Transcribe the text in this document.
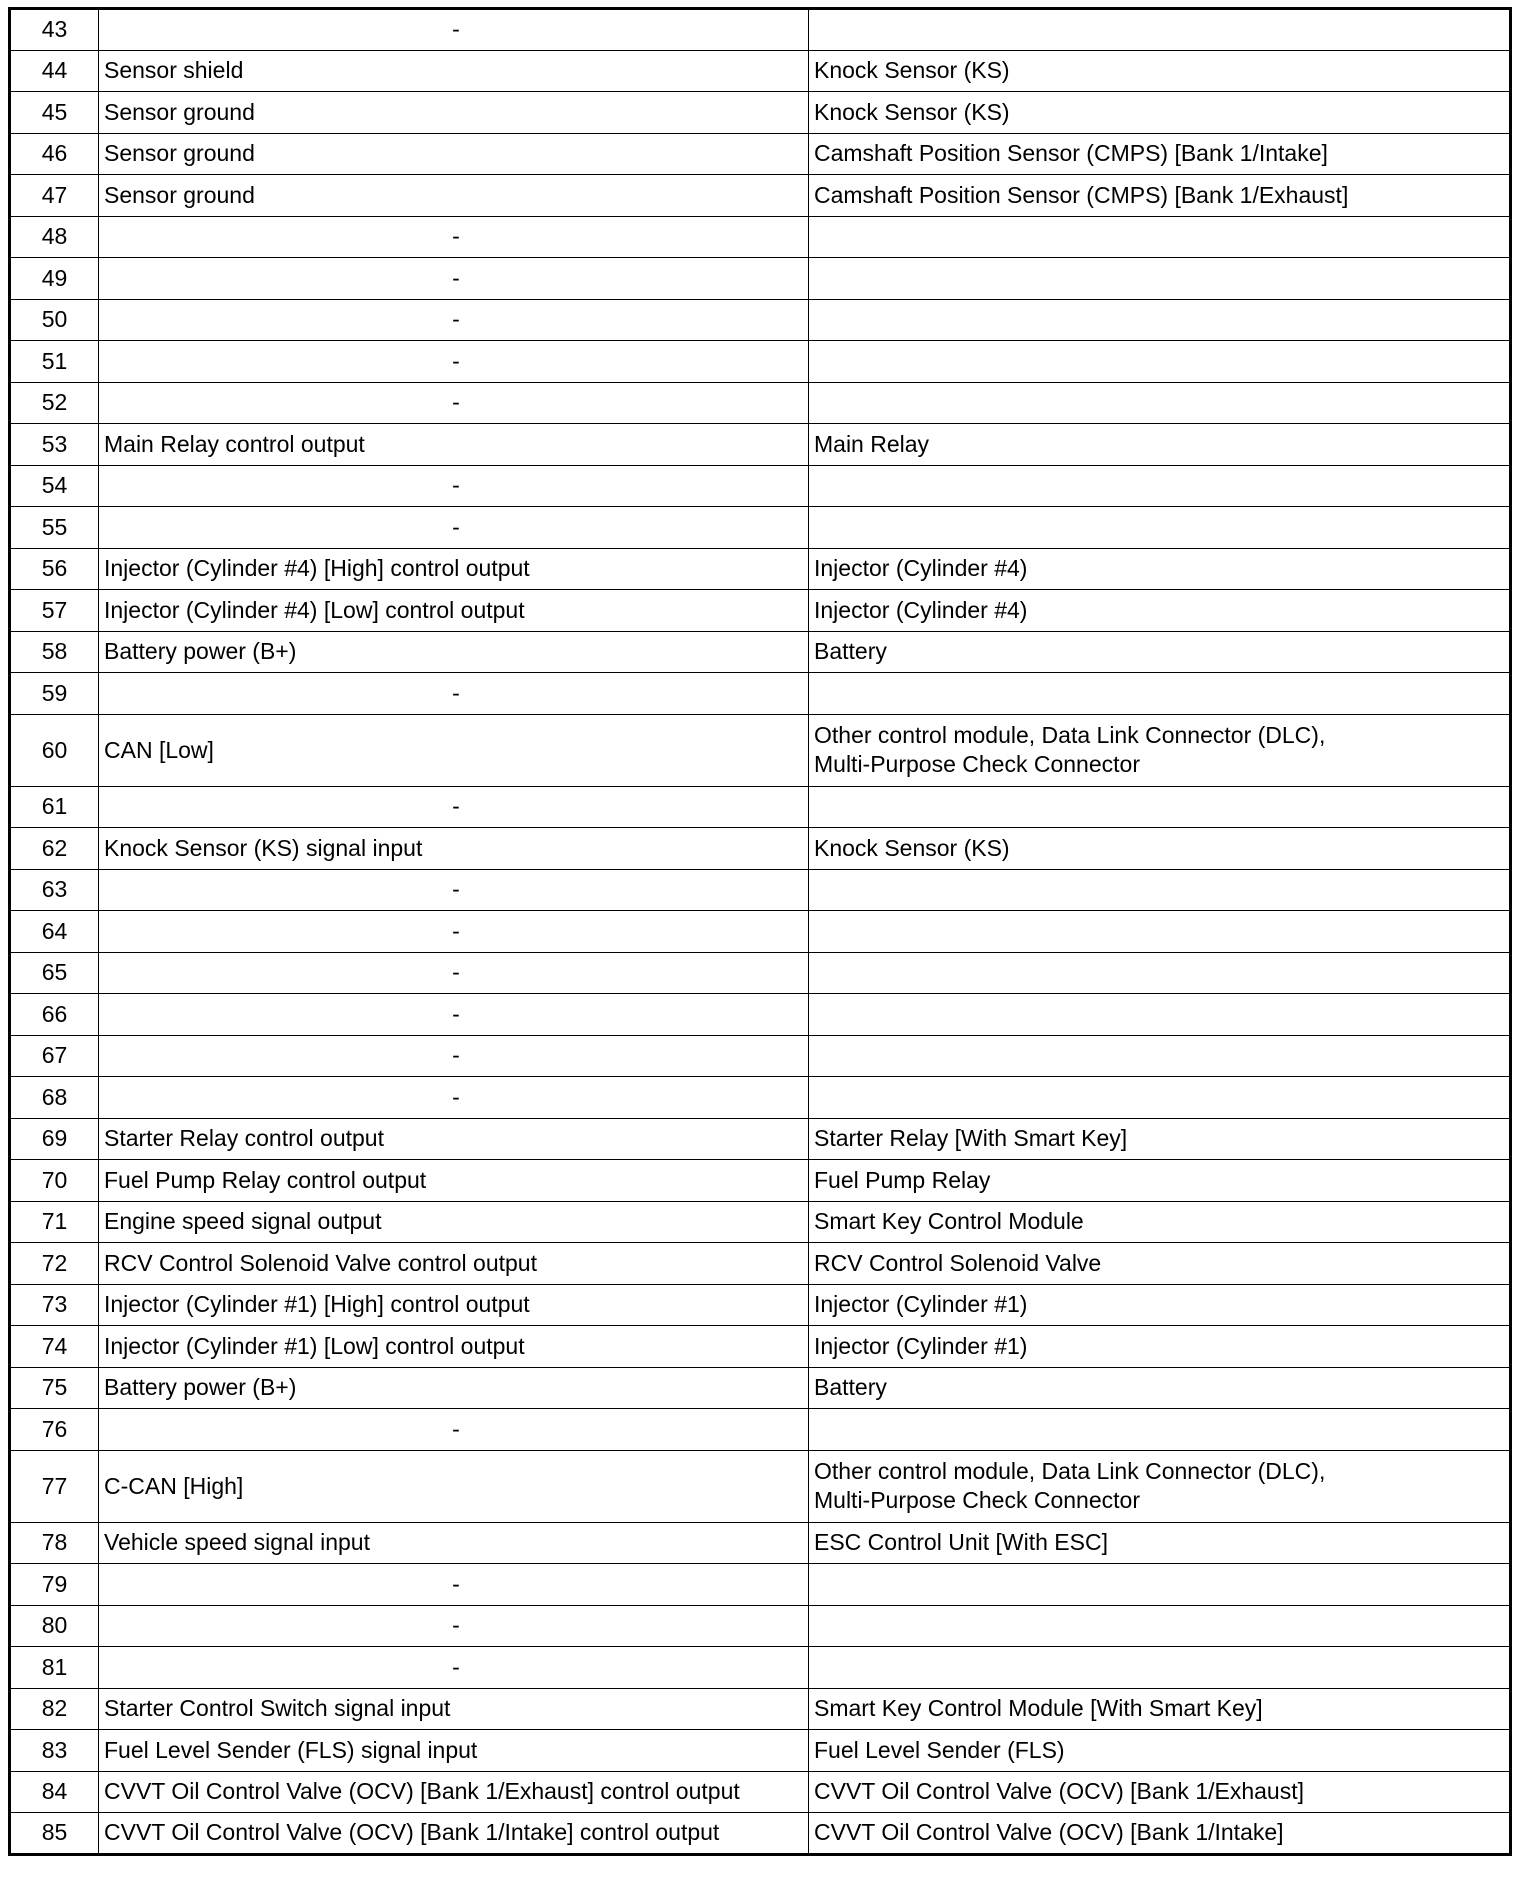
43	-	
44	Sensor shield	Knock Sensor (KS)
45	Sensor ground	Knock Sensor (KS)
46	Sensor ground	Camshaft Position Sensor (CMPS) [Bank 1/Intake]
47	Sensor ground	Camshaft Position Sensor (CMPS) [Bank 1/Exhaust]
48	-	
49	-	
50	-	
51	-	
52	-	
53	Main Relay control output	Main Relay
54	-	
55	-	
56	Injector (Cylinder #4) [High] control output	Injector (Cylinder #4)
57	Injector (Cylinder #4) [Low] control output	Injector (Cylinder #4)
58	Battery power (B+)	Battery
59	-	
60	CAN [Low]	Other control module, Data Link Connector (DLC),
Multi-Purpose Check Connector

61	-	
62	Knock Sensor (KS) signal input	Knock Sensor (KS)
63	-	
64	-	
65	-	
66	-	
67	-	
68	-	
69	Starter Relay control output	Starter Relay [With Smart Key]
70	Fuel Pump Relay control output	Fuel Pump Relay
71	Engine speed signal output	Smart Key Control Module
72	RCV Control Solenoid Valve control output	RCV Control Solenoid Valve
73	Injector (Cylinder #1) [High] control output	Injector (Cylinder #1)
74	Injector (Cylinder #1) [Low] control output	Injector (Cylinder #1)
75	Battery power (B+)	Battery
76	-	
77	C-CAN [High]	Other control module, Data Link Connector (DLC),
Multi-Purpose Check Connector

78	Vehicle speed signal input	ESC Control Unit [With ESC]
79	-	
80	-	
81	-	
82	Starter Control Switch signal input	Smart Key Control Module [With Smart Key]
83	Fuel Level Sender (FLS) signal input	Fuel Level Sender (FLS)
84	CVVT Oil Control Valve (OCV) [Bank 1/Exhaust] control output	CVVT Oil Control Valve (OCV) [Bank 1/Exhaust]
85	CVVT Oil Control Valve (OCV) [Bank 1/Intake] control output	CVVT Oil Control Valve (OCV) [Bank 1/Intake]
